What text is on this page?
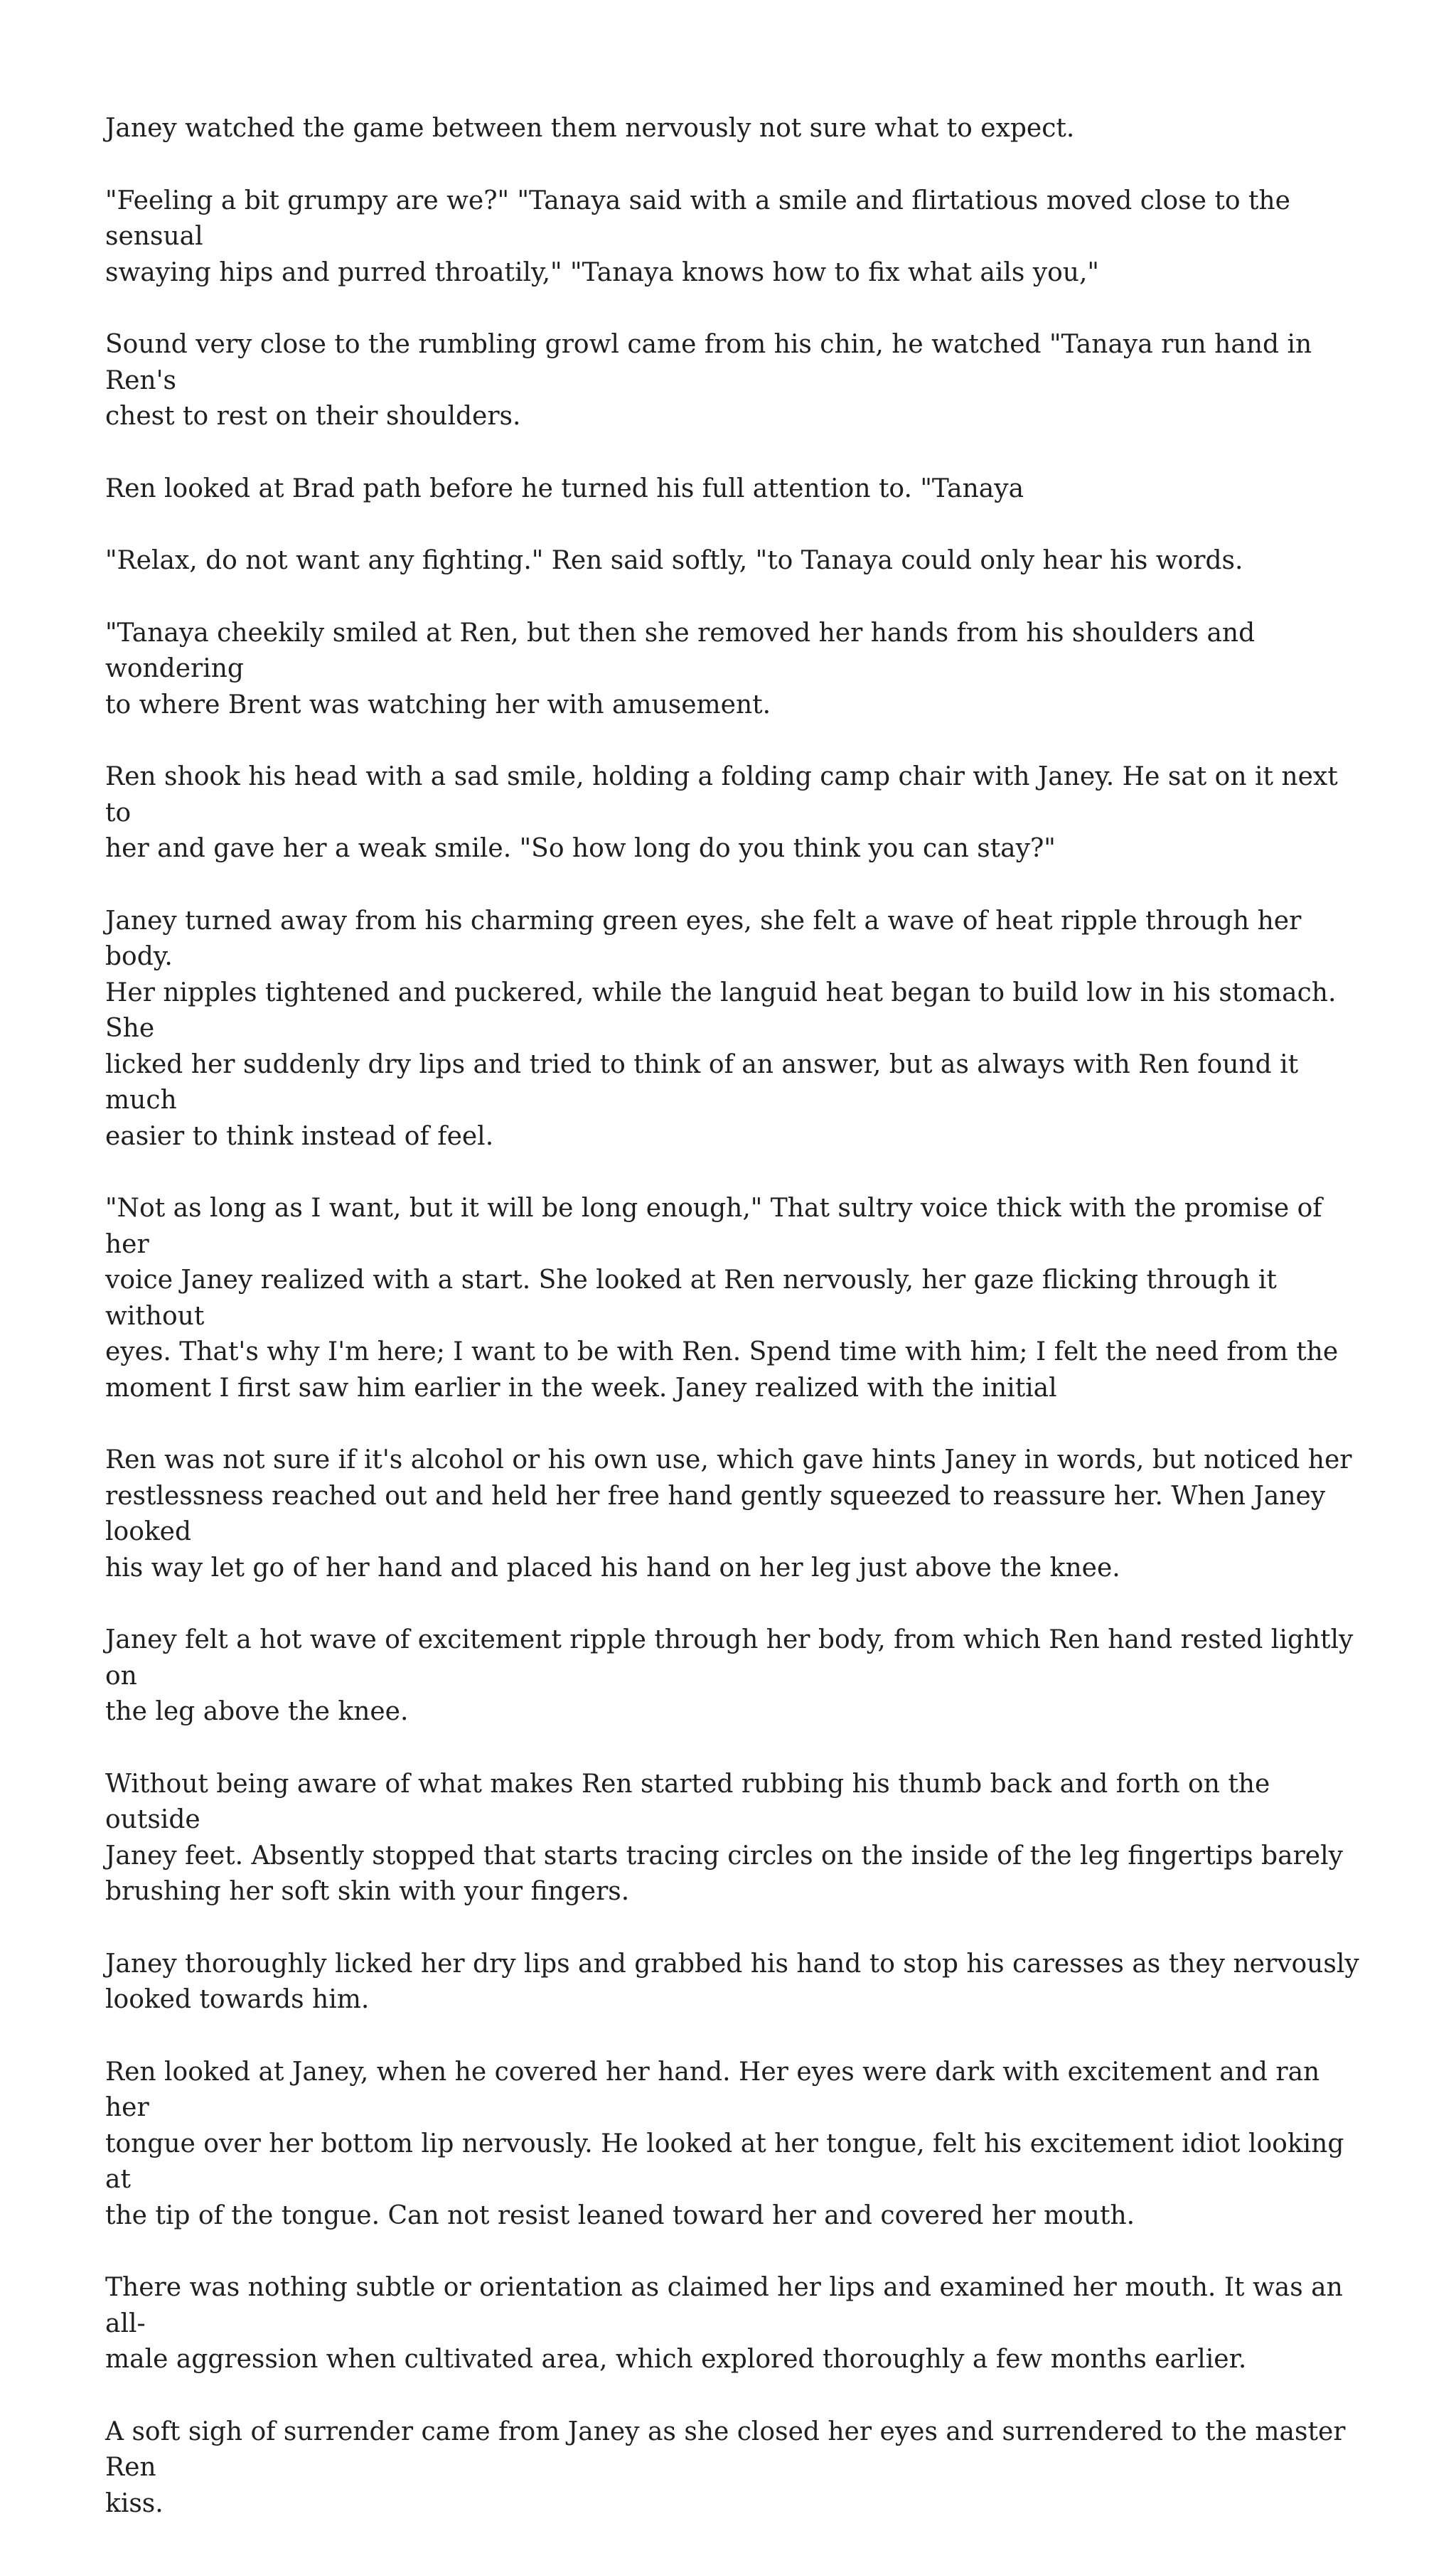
Janey watched the game between them nervously not sure what to expect.

"Feeling a bit grumpy are we?" "Tanaya said with a smile and flirtatious moved close to the sensual
swaying hips and purred throatily," "Tanaya knows how to fix what ails you,"

Sound very close to the rumbling growl came from his chin, he watched "Tanaya run hand in Ren's
chest to rest on their shoulders.

Ren looked at Brad path before he turned his full attention to. "Tanaya

"Relax, do not want any fighting." Ren said softly, "to Tanaya could only hear his words.

"Tanaya cheekily smiled at Ren, but then she removed her hands from his shoulders and wondering
to where Brent was watching her with amusement.

Ren shook his head with a sad smile, holding a folding camp chair with Janey. He sat on it next to
her and gave her a weak smile. "So how long do you think you can stay?"

Janey turned away from his charming green eyes, she felt a wave of heat ripple through her body.
Her nipples tightened and puckered, while the languid heat began to build low in his stomach. She
licked her suddenly dry lips and tried to think of an answer, but as always with Ren found it much
easier to think instead of feel.

"Not as long as I want, but it will be long enough," That sultry voice thick with the promise of her
voice Janey realized with a start. She looked at Ren nervously, her gaze flicking through it without
eyes. That's why I'm here; I want to be with Ren. Spend time with him; I felt the need from the
moment I first saw him earlier in the week. Janey realized with the initial

Ren was not sure if it's alcohol or his own use, which gave hints Janey in words, but noticed her
restlessness reached out and held her free hand gently squeezed to reassure her. When Janey looked
his way let go of her hand and placed his hand on her leg just above the knee.

Janey felt a hot wave of excitement ripple through her body, from which Ren hand rested lightly on
the leg above the knee.

Without being aware of what makes Ren started rubbing his thumb back and forth on the outside
Janey feet. Absently stopped that starts tracing circles on the inside of the leg fingertips barely
brushing her soft skin with your fingers.

Janey thoroughly licked her dry lips and grabbed his hand to stop his caresses as they nervously
looked towards him.

Ren looked at Janey, when he covered her hand. Her eyes were dark with excitement and ran her
tongue over her bottom lip nervously. He looked at her tongue, felt his excitement idiot looking at
the tip of the tongue. Can not resist leaned toward her and covered her mouth.

There was nothing subtle or orientation as claimed her lips and examined her mouth. It was an all-
male aggression when cultivated area, which explored thoroughly a few months earlier.

A soft sigh of surrender came from Janey as she closed her eyes and surrendered to the master Ren
kiss.
